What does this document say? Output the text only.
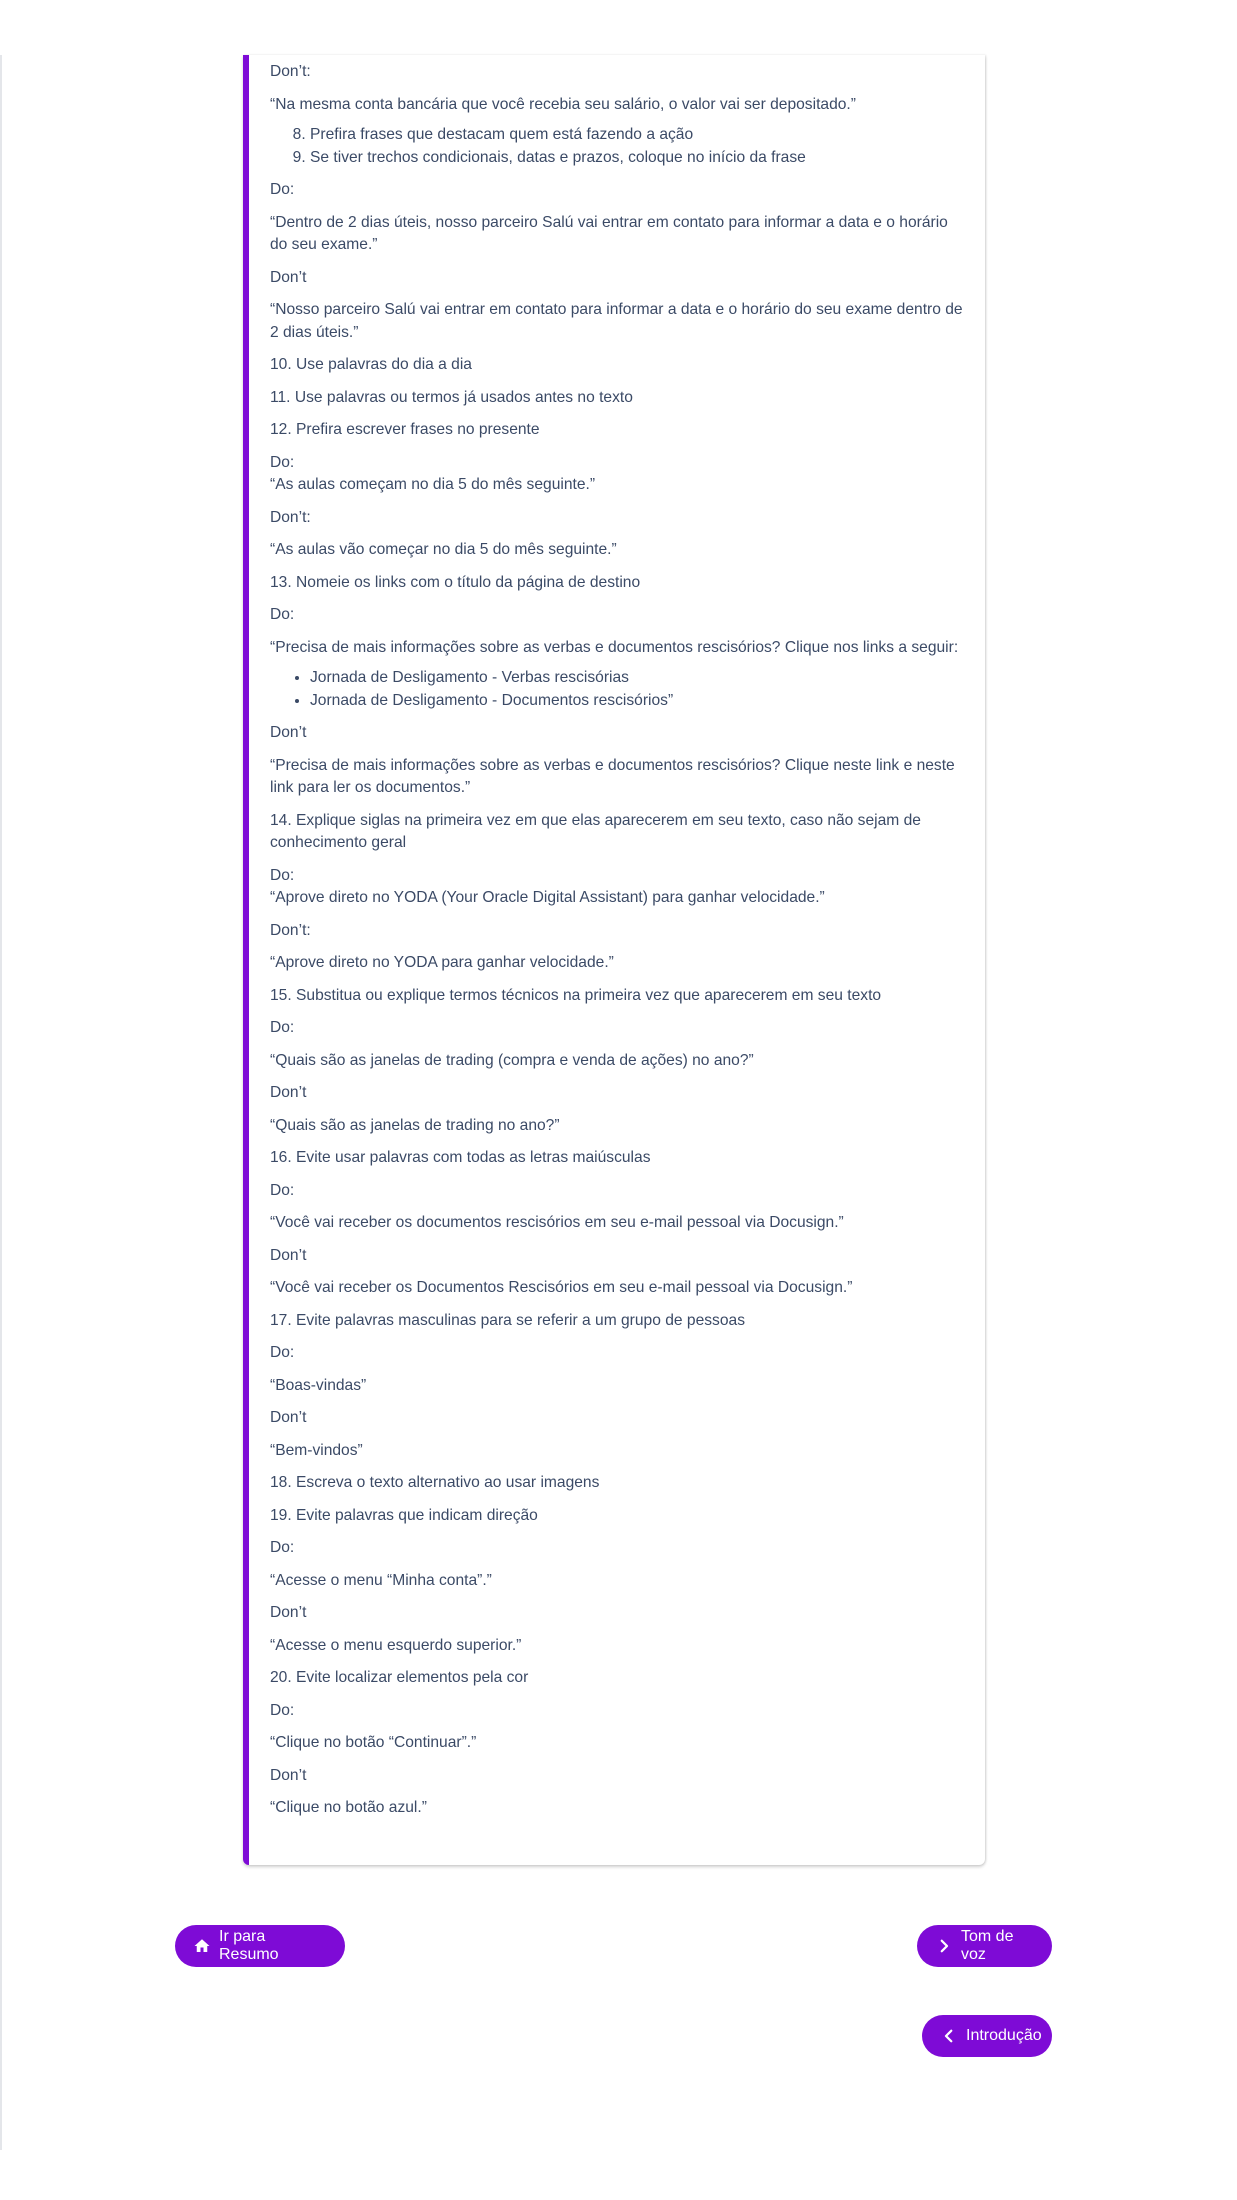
Don’t:

“Na mesma conta bancária que você recebia seu salário, o valor vai ser depositado.”

8. Prefira frases que destacam quem está fazendo a ação
9. Se tiver trechos condicionais, datas e prazos, coloque no início da frase

Do:

“Dentro de 2 dias úteis, nosso parceiro Salú vai entrar em contato para informar a data e o horário do seu exame.”

Don’t

“Nosso parceiro Salú vai entrar em contato para informar a data e o horário do seu exame dentro de 2 dias úteis.”

10. Use palavras do dia a dia

11. Use palavras ou termos já usados antes no texto

12. Prefira escrever frases no presente

Do:

“As aulas começam no dia 5 do mês seguinte.”

Don’t:

“As aulas vão começar no dia 5 do mês seguinte.”

13. Nomeie os links com o título da página de destino

Do:

“Precisa de mais informações sobre as verbas e documentos rescisórios? Clique nos links a seguir:

• Jornada de Desligamento - Verbas rescisórias
• Jornada de Desligamento - Documentos rescisórios”

Don’t

“Precisa de mais informações sobre as verbas e documentos rescisórios? Clique neste link e neste link para ler os documentos.”

14. Explique siglas na primeira vez em que elas aparecerem em seu texto, caso não sejam de conhecimento geral

Do:

“Aprove direto no YODA (Your Oracle Digital Assistant) para ganhar velocidade.”

Don’t:

“Aprove direto no YODA para ganhar velocidade.”

15. Substitua ou explique termos técnicos na primeira vez que aparecerem em seu texto

Do:

“Quais são as janelas de trading (compra e venda de ações) no ano?”

Don’t

“Quais são as janelas de trading no ano?”

16. Evite usar palavras com todas as letras maiúsculas

Do:

“Você vai receber os documentos rescisórios em seu e-mail pessoal via Docusign.”

Don’t

“Você vai receber os Documentos Rescisórios em seu e-mail pessoal via Docusign.”

17. Evite palavras masculinas para se referir a um grupo de pessoas

Do:

“Boas-vindas”

Don’t

“Bem-vindos”

18. Escreva o texto alternativo ao usar imagens

19. Evite palavras que indicam direção

Do:

“Acesse o menu “Minha conta”.”

Don’t

“Acesse o menu esquerdo superior.”

20. Evite localizar elementos pela cor

Do:

“Clique no botão “Continuar”.”

Don’t

“Clique no botão azul.”

Ir para Resumo
Tom de voz
Introdução
